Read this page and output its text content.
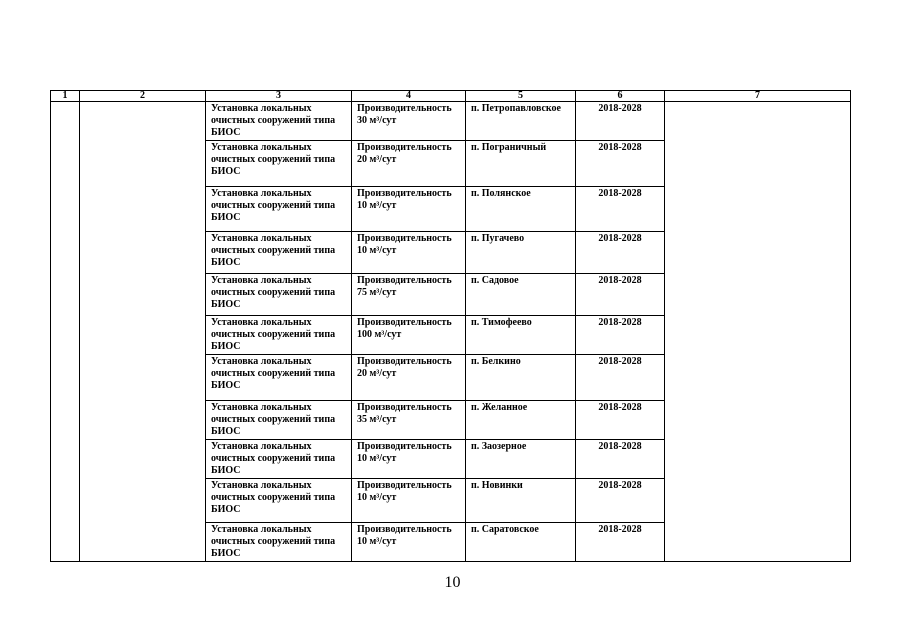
1	2	3	4	5	6	7
		Установка локальных очистных сооружений типа БИОС	Производительность 30 м³/сут	п. Петропавловское	2018-2028	
		Установка локальных очистных сооружений типа БИОС	Производительность 20 м³/сут	п. Пограничный	2018-2028	
		Установка локальных очистных сооружений типа БИОС	Производительность 10 м³/сут	п. Полянское	2018-2028	
		Установка локальных очистных сооружений типа БИОС	Производительность 10 м³/сут	п. Пугачево	2018-2028	
		Установка локальных очистных сооружений типа БИОС	Производительность 75 м³/сут	п. Садовое	2018-2028	
		Установка локальных очистных сооружений типа БИОС	Производительность 100 м³/сут	п. Тимофеево	2018-2028	
		Установка локальных очистных сооружений типа БИОС	Производительность 20 м³/сут	п. Белкино	2018-2028	
		Установка локальных очистных сооружений типа БИОС	Производительность 35 м³/сут	п. Желанное	2018-2028	
		Установка локальных очистных сооружений типа БИОС	Производительность 10 м³/сут	п. Заозерное	2018-2028	
		Установка локальных очистных сооружений типа БИОС	Производительность 10 м³/сут	п. Новинки	2018-2028	
		Установка локальных очистных сооружений типа БИОС	Производительность 10 м³/сут	п. Саратовское	2018-2028	
10
